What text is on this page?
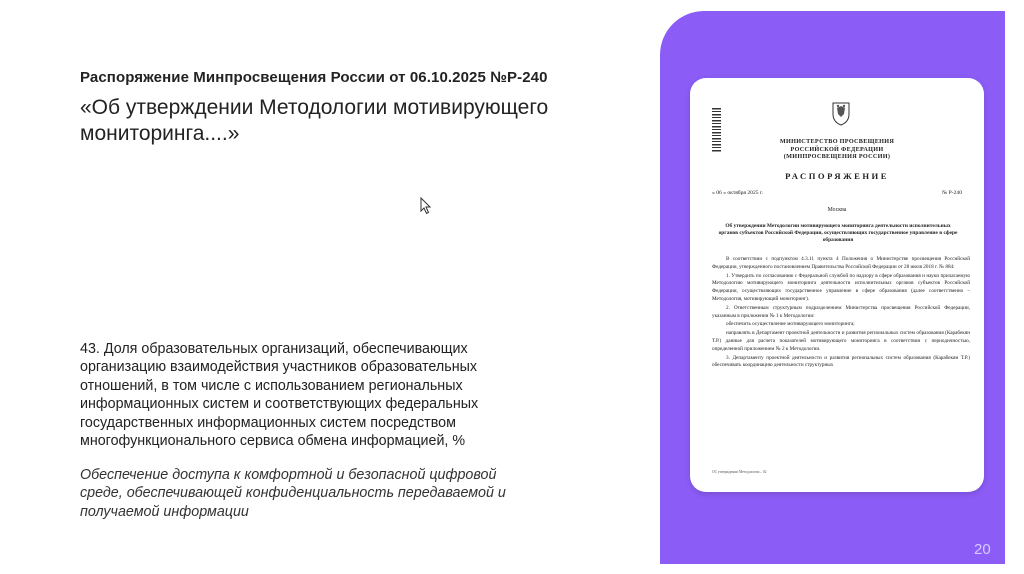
Распоряжение Минпросвещения России от 06.10.2025 №Р-240
«Об утверждении Методологии мотивирующего мониторинга....»
43. Доля образовательных организаций, обеспечивающих организацию взаимодействия участников образовательных отношений, в том числе с использованием региональных информационных систем и соответствующих федеральных государственных информационных систем посредством многофункционального сервиса обмена информацией, %
Обеспечение доступа к комфортной и безопасной цифровой среде, обеспечивающей конфиденциальность передаваемой и получаемой информации
20
МИНИСТЕРСТВО ПРОСВЕЩЕНИЯ
РОССИЙСКОЙ ФЕДЕРАЦИИ
(МИНПРОСВЕЩЕНИЯ РОССИИ)
РАСПОРЯЖЕНИЕ
« 06 » октября 2025 г.	№ Р-240
Москва
Об утверждении Методологии мотивирующего мониторинга деятельности исполнительных органов субъектов Российской Федерации, осуществляющих государственное управление в сфере образования

В соответствии с подпунктом 4.3.11 пункта 4 Положения о Министерстве просвещения Российской Федерации, утвержденного постановлением Правительства Российской Федерации от 28 июля 2018 г. № 884:

1. Утвердить по согласованию с Федеральной службой по надзору в сфере образования и науки прилагаемую Методологию мотивирующего мониторинга деятельности исполнительных органов субъектов Российской Федерации, осуществляющих государственное управление в сфере образования (далее соответственно – Методология, мотивирующий мониторинг).

2. Ответственным структурным подразделением Министерства просвещения Российской Федерации, указанным в приложении № 1 к Методологии:

обеспечить осуществление мотивирующего мониторинга;

направлять в Департамент проектной деятельности и развития региональных систем образования (Карабекян Т.Р.) данные для расчета показателей мотивирующего мониторинга в соответствии с периодичностью, определенной приложением № 2 к Методологии.

3. Департаменту проектной деятельности и развития региональных систем образования (Карабекян Т.Р.) обеспечивать координацию деятельности структурных

ОС утверждении Методологии – 02
